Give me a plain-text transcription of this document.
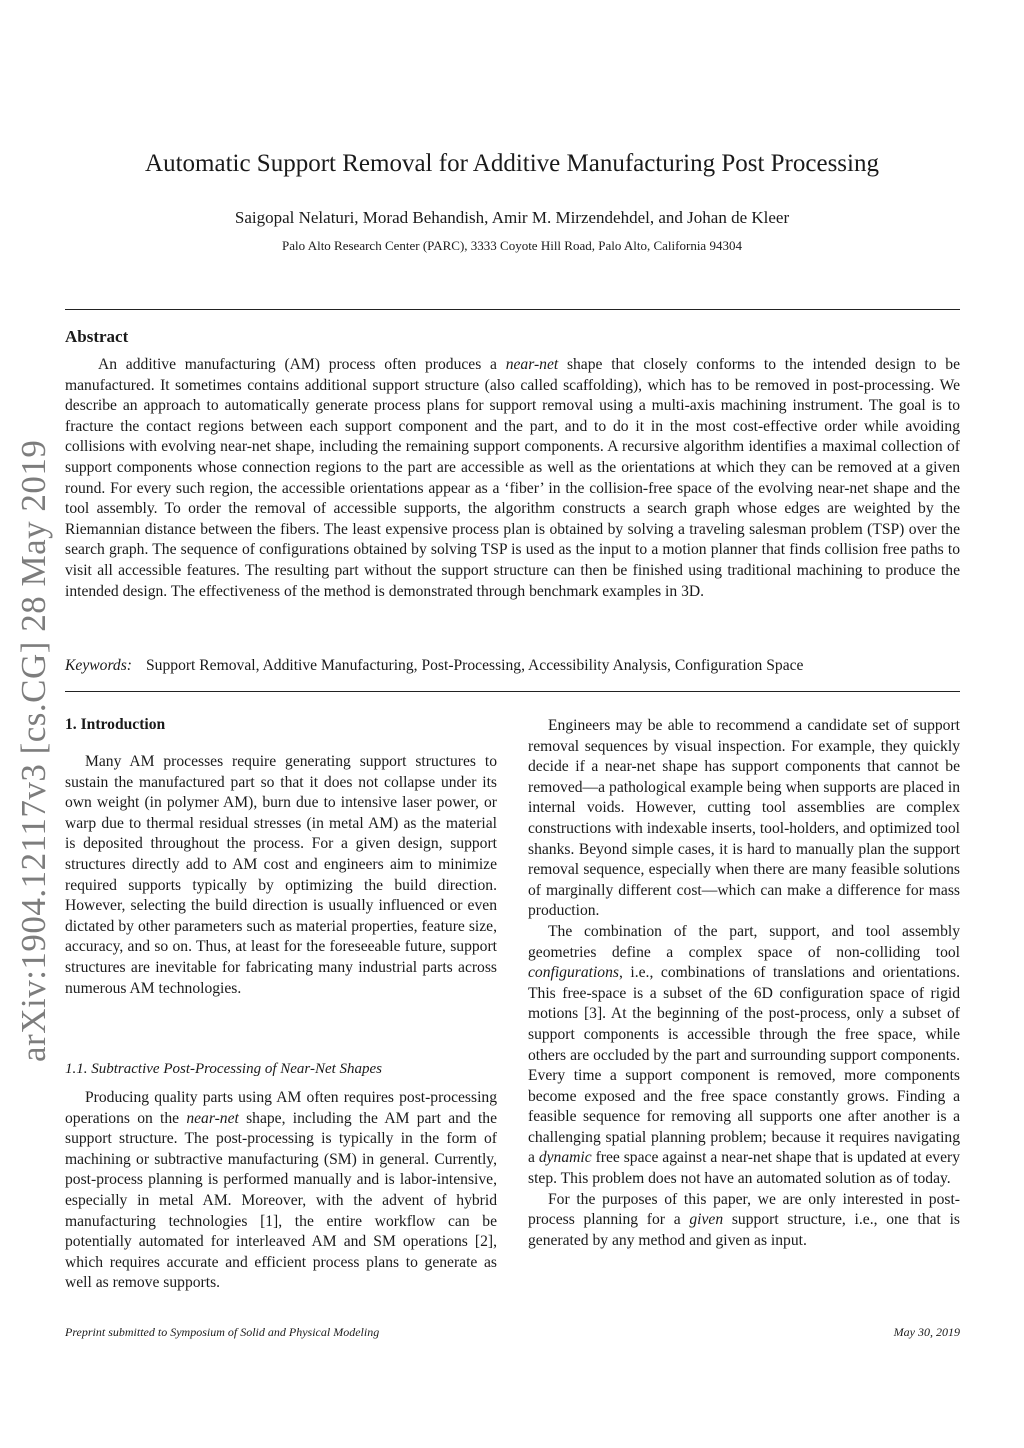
arXiv:1904.12117v3 [cs.CG] 28 May 2019
Automatic Support Removal for Additive Manufacturing Post Processing
Saigopal Nelaturi, Morad Behandish, Amir M. Mirzendehdel, and Johan de Kleer
Palo Alto Research Center (PARC), 3333 Coyote Hill Road, Palo Alto, California 94304
Abstract

An additive manufacturing (AM) process often produces a near-net shape that closely conforms to the intended design to be manufactured. It sometimes contains additional support structure (also called scaffolding), which has to be removed in post-processing. We describe an approach to automatically generate process plans for support removal using a multi-axis machining instrument. The goal is to fracture the contact regions between each support component and the part, and to do it in the most cost-effective order while avoiding collisions with evolving near-net shape, including the remaining support components. A recursive algorithm identifies a maximal collection of support components whose connection regions to the part are accessible as well as the orientations at which they can be removed at a given round. For every such region, the accessible orientations appear as a ‘fiber’ in the collision-free space of the evolving near-net shape and the tool assembly. To order the removal of accessible supports, the algorithm constructs a search graph whose edges are weighted by the Riemannian distance between the fibers. The least expensive process plan is obtained by solving a traveling salesman problem (TSP) over the search graph. The sequence of configurations obtained by solving TSP is used as the input to a motion planner that finds collision free paths to visit all accessible features. The resulting part without the support structure can then be finished using traditional machining to produce the intended design. The effectiveness of the method is demonstrated through benchmark examples in 3D.

Keywords: Support Removal, Additive Manufacturing, Post-Processing, Accessibility Analysis, Configuration Space
1. Introduction

Many AM processes require generating support structures to sustain the manufactured part so that it does not collapse under its own weight (in polymer AM), burn due to intensive laser power, or warp due to thermal residual stresses (in metal AM) as the material is deposited throughout the process. For a given design, support structures directly add to AM cost and engineers aim to minimize required supports typically by optimizing the build direction. However, selecting the build direction is usually influenced or even dictated by other parameters such as material properties, feature size, accuracy, and so on. Thus, at least for the foreseeable future, support structures are inevitable for fabricating many industrial parts across numerous AM technologies.

1.1. Subtractive Post-Processing of Near-Net Shapes

Producing quality parts using AM often requires post-processing operations on the near-net shape, including the AM part and the support structure. The post-processing is typically in the form of machining or subtractive manufacturing (SM) in general. Currently, post-process planning is performed manually and is labor-intensive, especially in metal AM. Moreover, with the advent of hybrid manufacturing technologies [1], the entire workflow can be potentially automated for interleaved AM and SM operations [2], which requires accurate and efficient process plans to generate as well as remove supports.

Engineers may be able to recommend a candidate set of support removal sequences by visual inspection. For example, they quickly decide if a near-net shape has support components that cannot be removed—a pathological example being when supports are placed in internal voids. However, cutting tool assemblies are complex constructions with indexable inserts, tool-holders, and optimized tool shanks. Beyond simple cases, it is hard to manually plan the support removal sequence, especially when there are many feasible solutions of marginally different cost—which can make a difference for mass production.

The combination of the part, support, and tool assembly geometries define a complex space of non-colliding tool configurations, i.e., combinations of translations and orientations. This free-space is a subset of the 6D configuration space of rigid motions [3]. At the beginning of the post-process, only a subset of support components is accessible through the free space, while others are occluded by the part and surrounding support components. Every time a support component is removed, more components become exposed and the free space constantly grows. Finding a feasible sequence for removing all supports one after another is a challenging spatial planning problem; because it requires navigating a dynamic free space against a near-net shape that is updated at every step. This problem does not have an automated solution as of today.

For the purposes of this paper, we are only interested in post-process planning for a given support structure, i.e., one that is generated by any method and given as input.

Preprint submitted to Symposium of Solid and Physical Modeling	May 30, 2019
